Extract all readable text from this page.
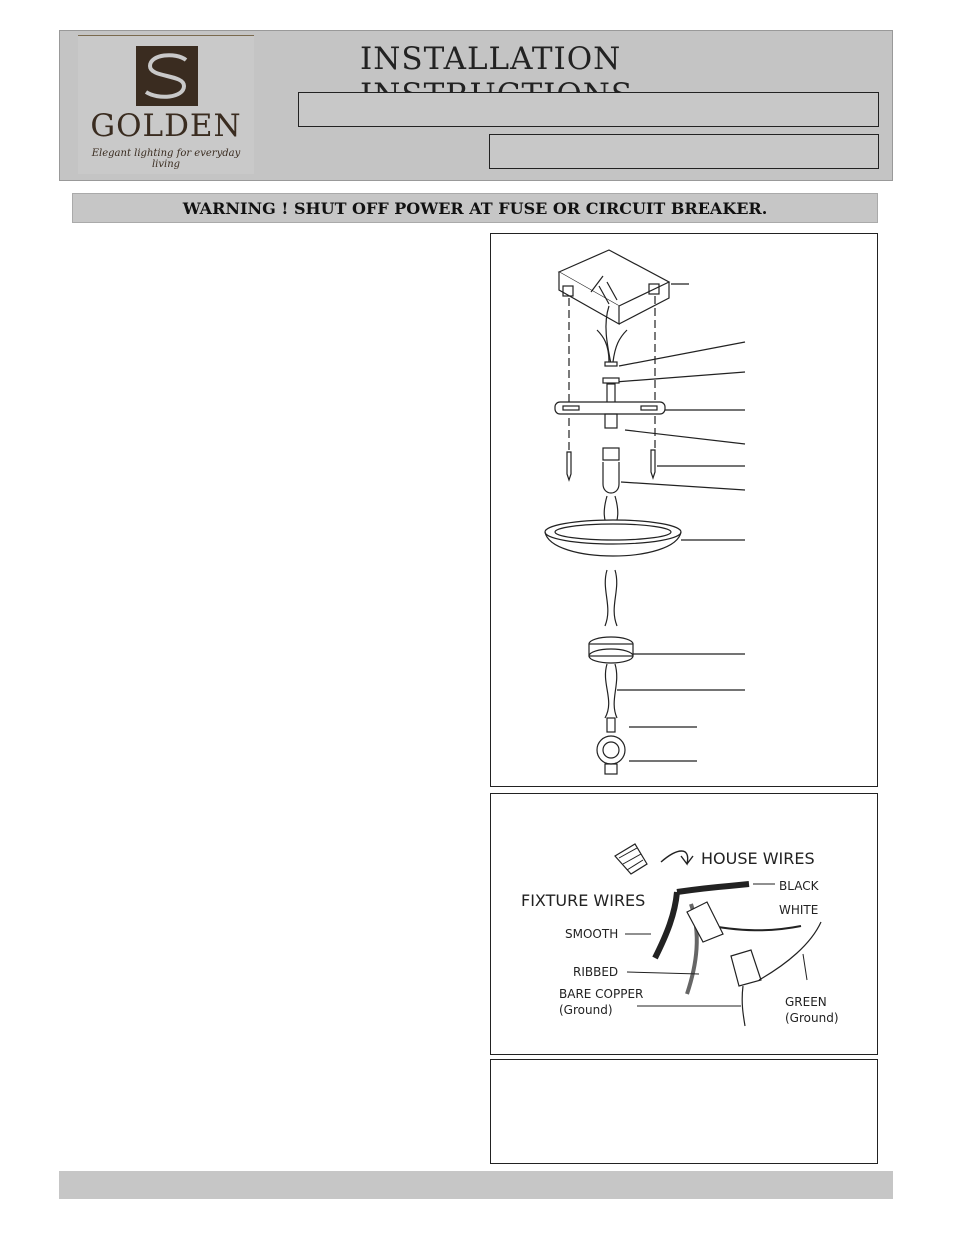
GOLDEN
Elegant lighting for everyday living
INSTALLATION
WARNING ! SHUT OFF POWER AT FUSE OR CIRCUIT BREAKER.
HOUSE WIRES
FIXTURE WIRES
BLACK
WHITE
SMOOTH
RIBBED
BARE COPPER
(Ground)
GREEN
(Ground)
